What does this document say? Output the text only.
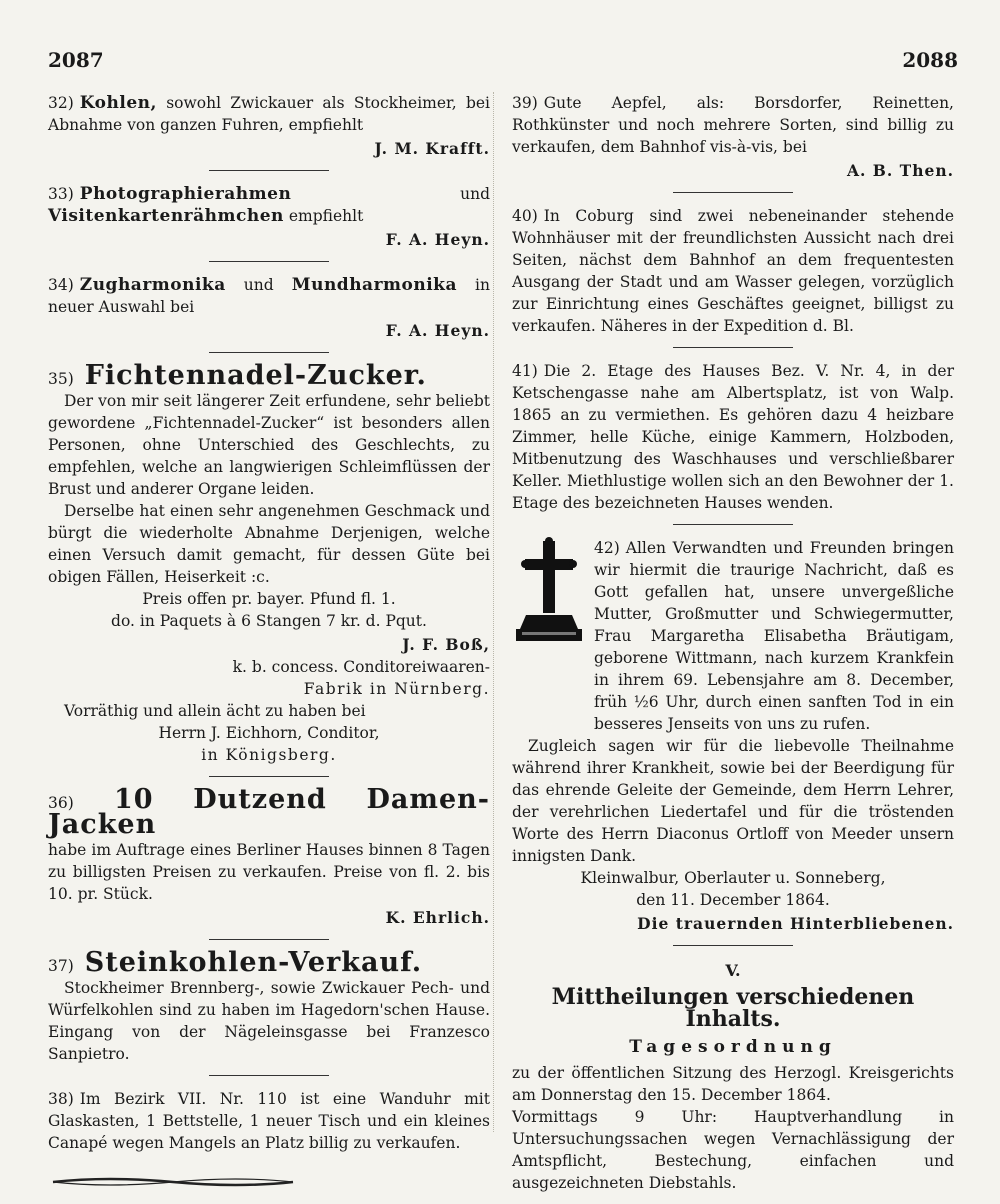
2087	2088

32) Kohlen, sowohl Zwickauer als Stockheimer, bei Abnahme von ganzen Fuhren, empfiehlt

J. M. Krafft.

33) Photographierahmen	und Visitenkartenrähmchen empfiehlt

F. A. Heyn.

34) Zugharmonika und Mundharmonika in neuer Auswahl bei

F. A. Heyn.

35) Fichtennadel-Zucker.

Der von mir seit längerer Zeit erfundene, sehr beliebt gewordene „Fichtennadel-Zucker“ ist besonders allen Personen, ohne Unterschied des Geschlechts, zu empfehlen, welche an langwierigen Schleimflüssen der Brust und anderer Organe leiden.

Derselbe hat einen sehr angenehmen Geschmack und bürgt die wiederholte Abnahme Derjenigen, welche einen Versuch damit gemacht, für dessen Güte bei obigen Fällen, Heiserkeit :c.

Preis offen pr. bayer. Pfund fl. 1.

do. in Paquets à 6 Stangen 7 kr. d. Pqut.

J. F. Boß,

k. b. concess. Conditoreiwaaren-

Fabrik in Nürnberg.

Vorräthig und allein ächt zu haben bei

Herrn J. Eichhorn, Conditor,

in Königsberg.

36) 10 Dutzend Damen-Jacken

habe im Auftrage eines Berliner Hauses binnen 8 Tagen zu billigsten Preisen zu verkaufen. Preise von fl. 2. bis 10. pr. Stück.

K. Ehrlich.

37) Steinkohlen-Verkauf.

Stockheimer Brennberg-, sowie Zwickauer Pech- und Würfelkohlen sind zu haben im Hagedorn'schen Hause. Eingang von der Nägeleinsgasse bei Franzesco Sanpietro.

38) Im Bezirk VII. Nr. 110 ist eine Wanduhr mit Glaskasten, 1 Bettstelle, 1 neuer Tisch und ein kleines Canapé wegen Mangels an Platz billig zu verkaufen.

39) Gute Aepfel, als: Borsdorfer, Reinetten, Rothkünster und noch mehrere Sorten, sind billig zu verkaufen, dem Bahnhof vis-à-vis, bei

A. B. Then.

40) In Coburg sind zwei nebeneinander stehende Wohnhäuser mit der freundlichsten Aussicht nach drei Seiten, nächst dem Bahnhof an dem frequentesten Ausgang der Stadt und am Wasser gelegen, vorzüglich zur Einrichtung eines Geschäftes geeignet, billigst zu verkaufen. Näheres in der Expedition d. Bl.

41) Die 2. Etage des Hauses Bez. V. Nr. 4, in der Ketschengasse nahe am Albertsplatz, ist von Walp. 1865 an zu vermiethen. Es gehören dazu 4 heizbare Zimmer, helle Küche, einige Kammern, Holzboden, Mitbenutzung des Waschhauses und verschließbarer Keller. Miethlustige wollen sich an den Bewohner der 1. Etage des bezeichneten Hauses wenden.

42) Allen Verwandten und Freunden bringen wir hiermit die traurige Nachricht, daß es Gott gefallen hat, unsere unvergeßliche Mutter, Großmutter und Schwiegermutter, Frau Margaretha Elisabetha Bräutigam, geborene Wittmann, nach kurzem Krankfein in ihrem 69. Lebensjahre am 8. December, früh ½6 Uhr, durch einen sanften Tod in ein besseres Jenseits von uns zu rufen.

Zugleich sagen wir für die liebevolle Theilnahme während ihrer Krankheit, sowie bei der Beerdigung für das ehrende Geleite der Gemeinde, dem Herrn Lehrer, der verehrlichen Liedertafel und für die tröstenden Worte des Herrn Diaconus Ortloff von Meeder unsern innigsten Dank.

Kleinwalbur, Oberlauter u. Sonneberg,

den 11. December 1864.

Die trauernden Hinterbliebenen.
V.
Mittheilungen verschiedenen Inhalts.
Tagesordnung

zu der öffentlichen Sitzung des Herzogl. Kreisgerichts am Donnerstag den 15. December 1864.

Vormittags 9 Uhr: Hauptverhandlung in Untersuchungssachen wegen Vernachlässigung der Amtspflicht, Bestechung, einfachen und ausgezeichneten Diebstahls.
